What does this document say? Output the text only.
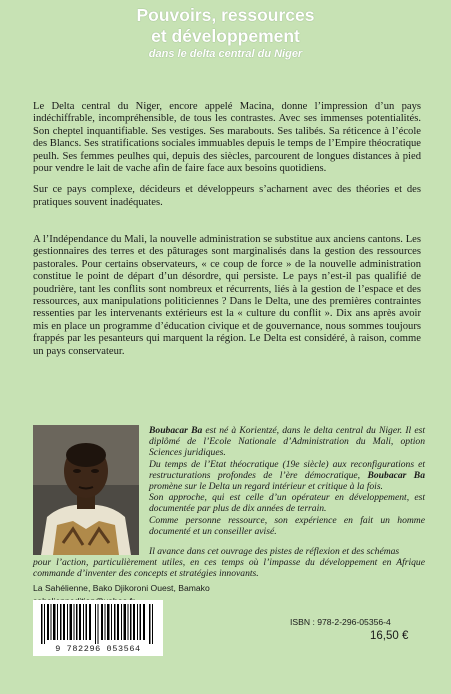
Pouvoirs, ressources
et développement
dans le delta central du Niger

Le Delta central du Niger, encore appelé Macina, donne l’impression d’un pays indéchiffrable, incompréhensible, de tous les contrastes. Avec ses immenses potentialités. Son cheptel inquantifiable. Ses vestiges. Ses marabouts. Ses talibés. Sa réticence à l’école des Blancs. Ses stratifications sociales immuables depuis le temps de l’Empire théocratique peulh. Ses femmes peulhes qui, depuis des siècles, parcourent de longues distances à pied pour vendre le lait de vache afin de faire face aux besoins quotidiens.

Sur ce pays complexe, décideurs et développeurs s’acharnent avec des théories et des pratiques souvent inadéquates.

A l’Indépendance du Mali, la nouvelle administration se substitue aux anciens cantons. Les gestionnaires des terres et des pâturages sont marginalisés dans la gestion des ressources pastorales. Pour certains observateurs, « ce coup de force » de la nouvelle administration constitue le point de départ d’un désordre, qui persiste. Le pays n’est-il pas qualifié de poudrière, tant les conflits sont nombreux et récurrents, liés à la gestion de l’espace et des ressources, aux manipulations politiciennes ? Dans le Delta, une des premières contraintes ressenties par les intervenants extérieurs est la « culture du conflit ». Dix ans après avoir mis en place un programme d’éducation civique et de gouvernance, nous sommes toujours frappés par les pesanteurs qui marquent la région. Le Delta est considéré, à raison, comme un pays conservateur.

Boubacar Ba est né à Korientzé, dans le delta central du Niger. Il est diplômé de l’Ecole Nationale d’Administration du Mali, option Sciences juridiques.

Du temps de l’Etat théocratique (19e siècle) aux reconfigurations et restructurations profondes de l’ère démocratique, Boubacar Ba promène sur le Delta un regard intérieur et critique à la fois.

Son approche, qui est celle d’un opérateur en développement, est documentée par plus de dix années de terrain.

Comme personne ressource, son expérience en fait un homme documenté et un conseiller avisé.

Il avance dans cet ouvrage des pistes de réflexion et des schémas
pour l’action, particulièrement utiles, en ces temps où l’impasse du développement en Afrique commande d’inventer des concepts et stratégies innovants.
La Sahélienne, Bako Djikoroni Ouest, Bamako
9 782296 053564
ISBN : 978-2-296-05356-4
16,50 €
